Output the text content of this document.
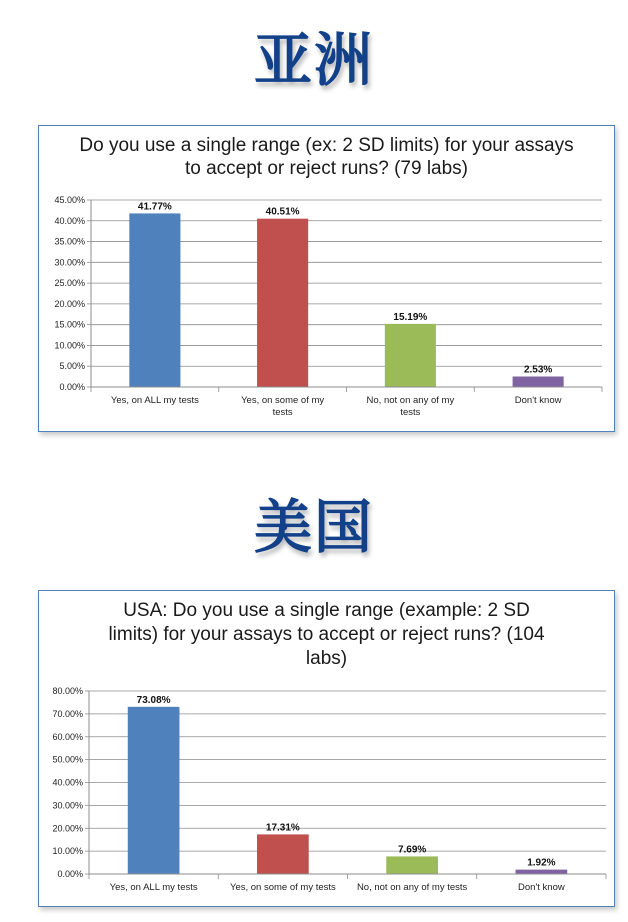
亚洲
Do you use a single range (ex: 2 SD limits) for your assays to accept or reject runs? (79 labs)
0.00%
5.00%
10.00%
15.00%
20.00%
25.00%
30.00%
35.00%
40.00%
45.00%
41.77%
Yes, on ALL my tests
40.51%
Yes, on some of my tests
15.19%
No, not on any of my tests
2.53%
Don't know
美国
USA: Do you use a single range (example: 2 SD limits) for your assays to accept or reject runs? (104 labs)
0.00%
10.00%
20.00%
30.00%
40.00%
50.00%
60.00%
70.00%
80.00%
73.08%
Yes, on ALL my tests
17.31%
Yes, on some of my tests
7.69%
No, not on any of my tests
1.92%
Don't know
